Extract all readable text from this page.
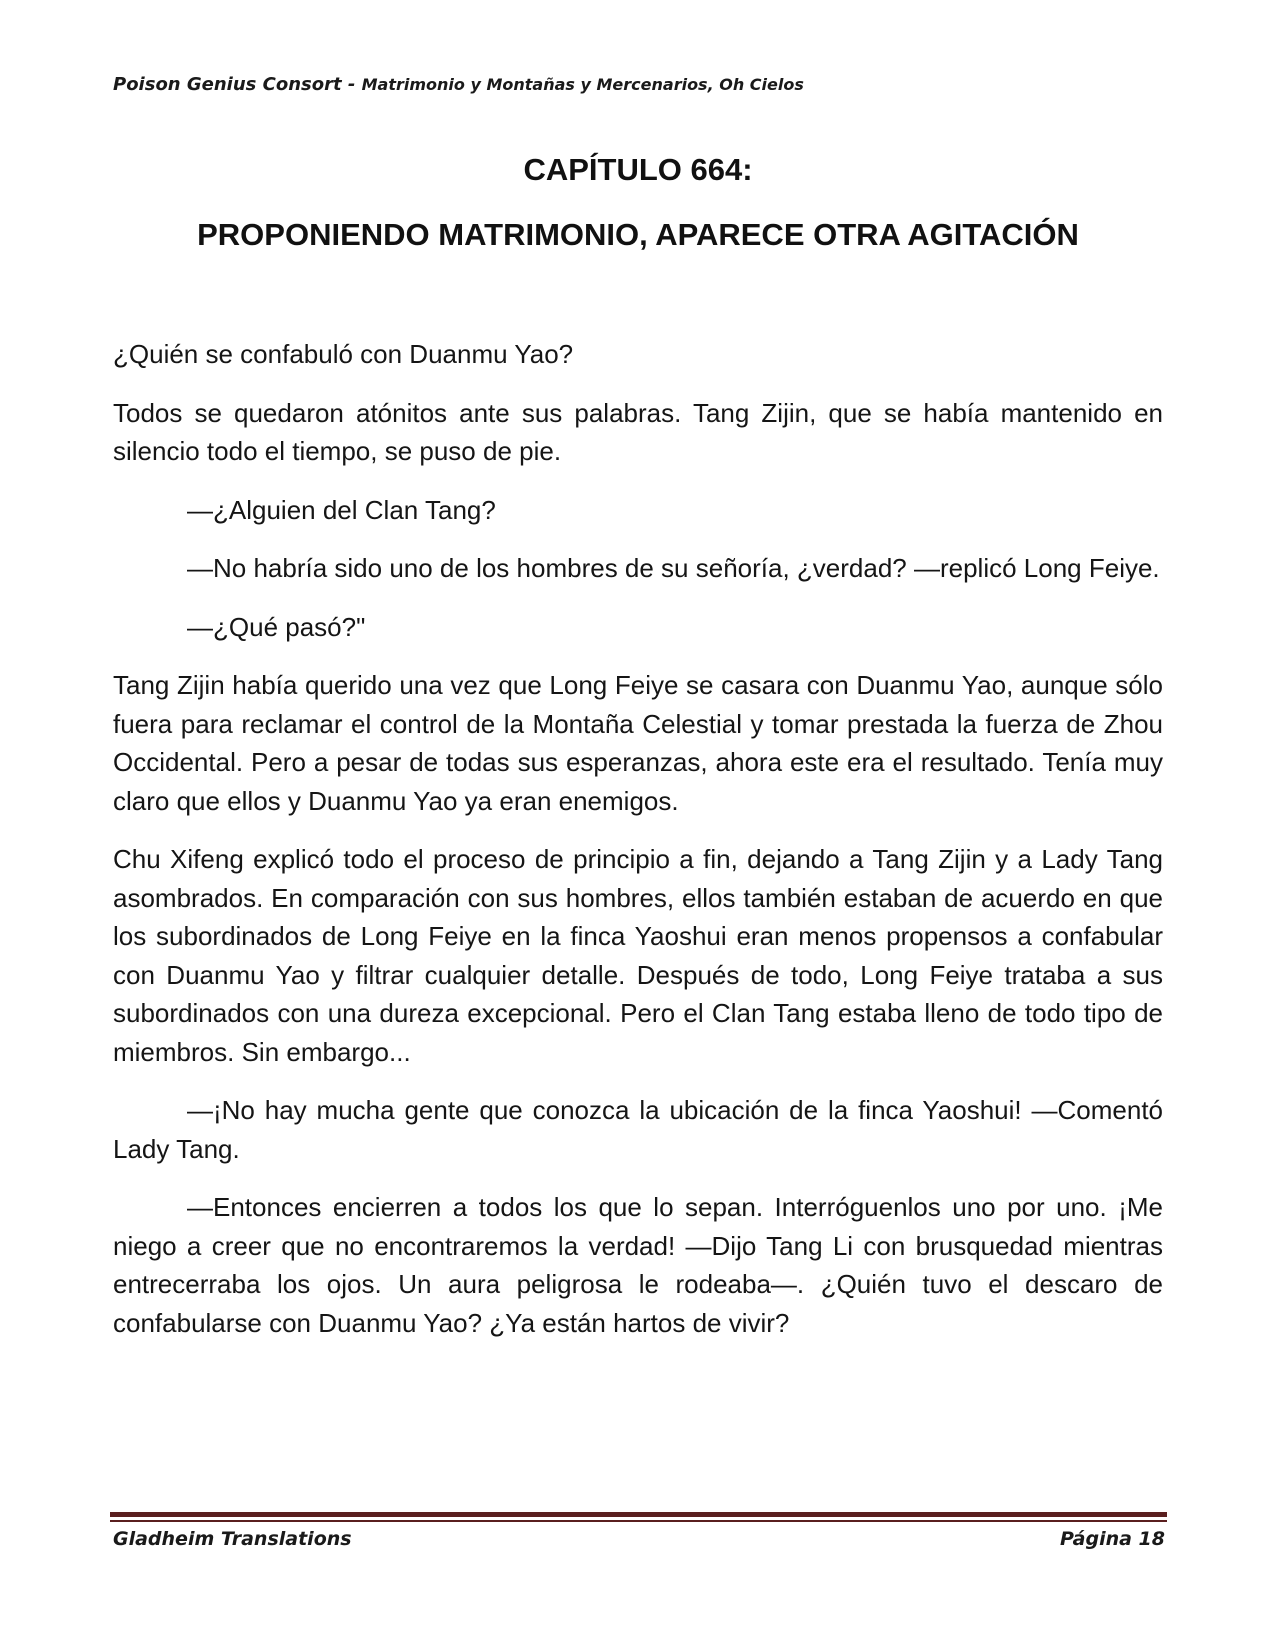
Poison Genius Consort - Matrimonio y Montañas y Mercenarios, Oh Cielos
CAPÍTULO 664:
PROPONIENDO MATRIMONIO, APARECE OTRA AGITACIÓN

¿Quién se confabuló con Duanmu Yao?

Todos se quedaron atónitos ante sus palabras. Tang Zijin, que se había mantenido en silencio todo el tiempo, se puso de pie.

—¿Alguien del Clan Tang?

—No habría sido uno de los hombres de su señoría, ¿verdad? —replicó Long Feiye.

—¿Qué pasó?"

Tang Zijin había querido una vez que Long Feiye se casara con Duanmu Yao, aunque sólo fuera para reclamar el control de la Montaña Celestial y tomar prestada la fuerza de Zhou Occidental. Pero a pesar de todas sus esperanzas, ahora este era el resultado. Tenía muy claro que ellos y Duanmu Yao ya eran enemigos.

Chu Xifeng explicó todo el proceso de principio a fin, dejando a Tang Zijin y a Lady Tang asombrados. En comparación con sus hombres, ellos también estaban de acuerdo en que los subordinados de Long Feiye en la finca Yaoshui eran menos propensos a confabular con Duanmu Yao y filtrar cualquier detalle. Después de todo, Long Feiye trataba a sus subordinados con una dureza excepcional. Pero el Clan Tang estaba lleno de todo tipo de miembros. Sin embargo...

—¡No hay mucha gente que conozca la ubicación de la finca Yaoshui! —Comentó Lady Tang.

—Entonces encierren a todos los que lo sepan. Interróguenlos uno por uno. ¡Me niego a creer que no encontraremos la verdad! —Dijo Tang Li con brusquedad mientras entrecerraba los ojos. Un aura peligrosa le rodeaba—. ¿Quién tuvo el descaro de confabularse con Duanmu Yao? ¿Ya están hartos de vivir?

Gladheim Translations	Página 18
